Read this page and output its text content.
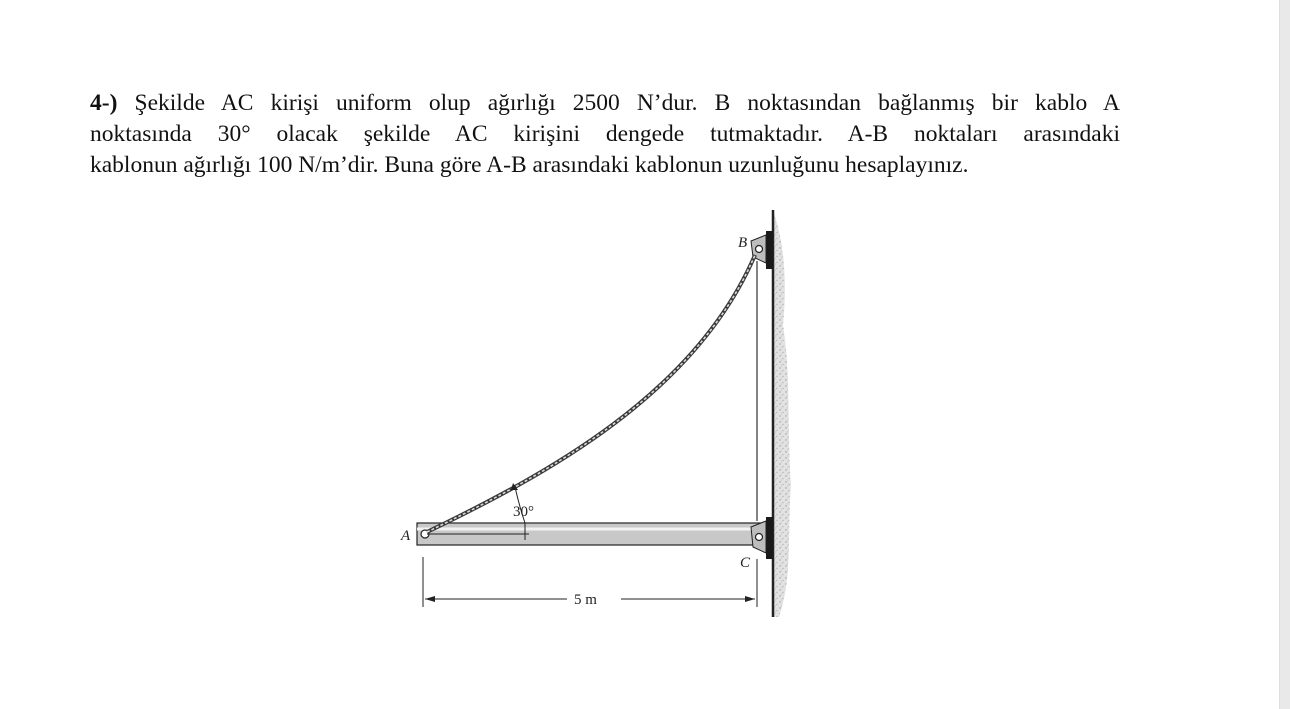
4-) Şekilde AC kirişi uniform olup ağırlığı 2500 N’dur. B noktasından bağlanmış bir kablo A
noktasında 30° olacak şekilde AC kirişini dengede tutmaktadır. A-B noktaları arasındaki
kablonun ağırlığı 100 N/m’dir. Buna göre A-B arasındaki kablonun uzunluğunu hesaplayınız.
A
B
C
30°
5 m
